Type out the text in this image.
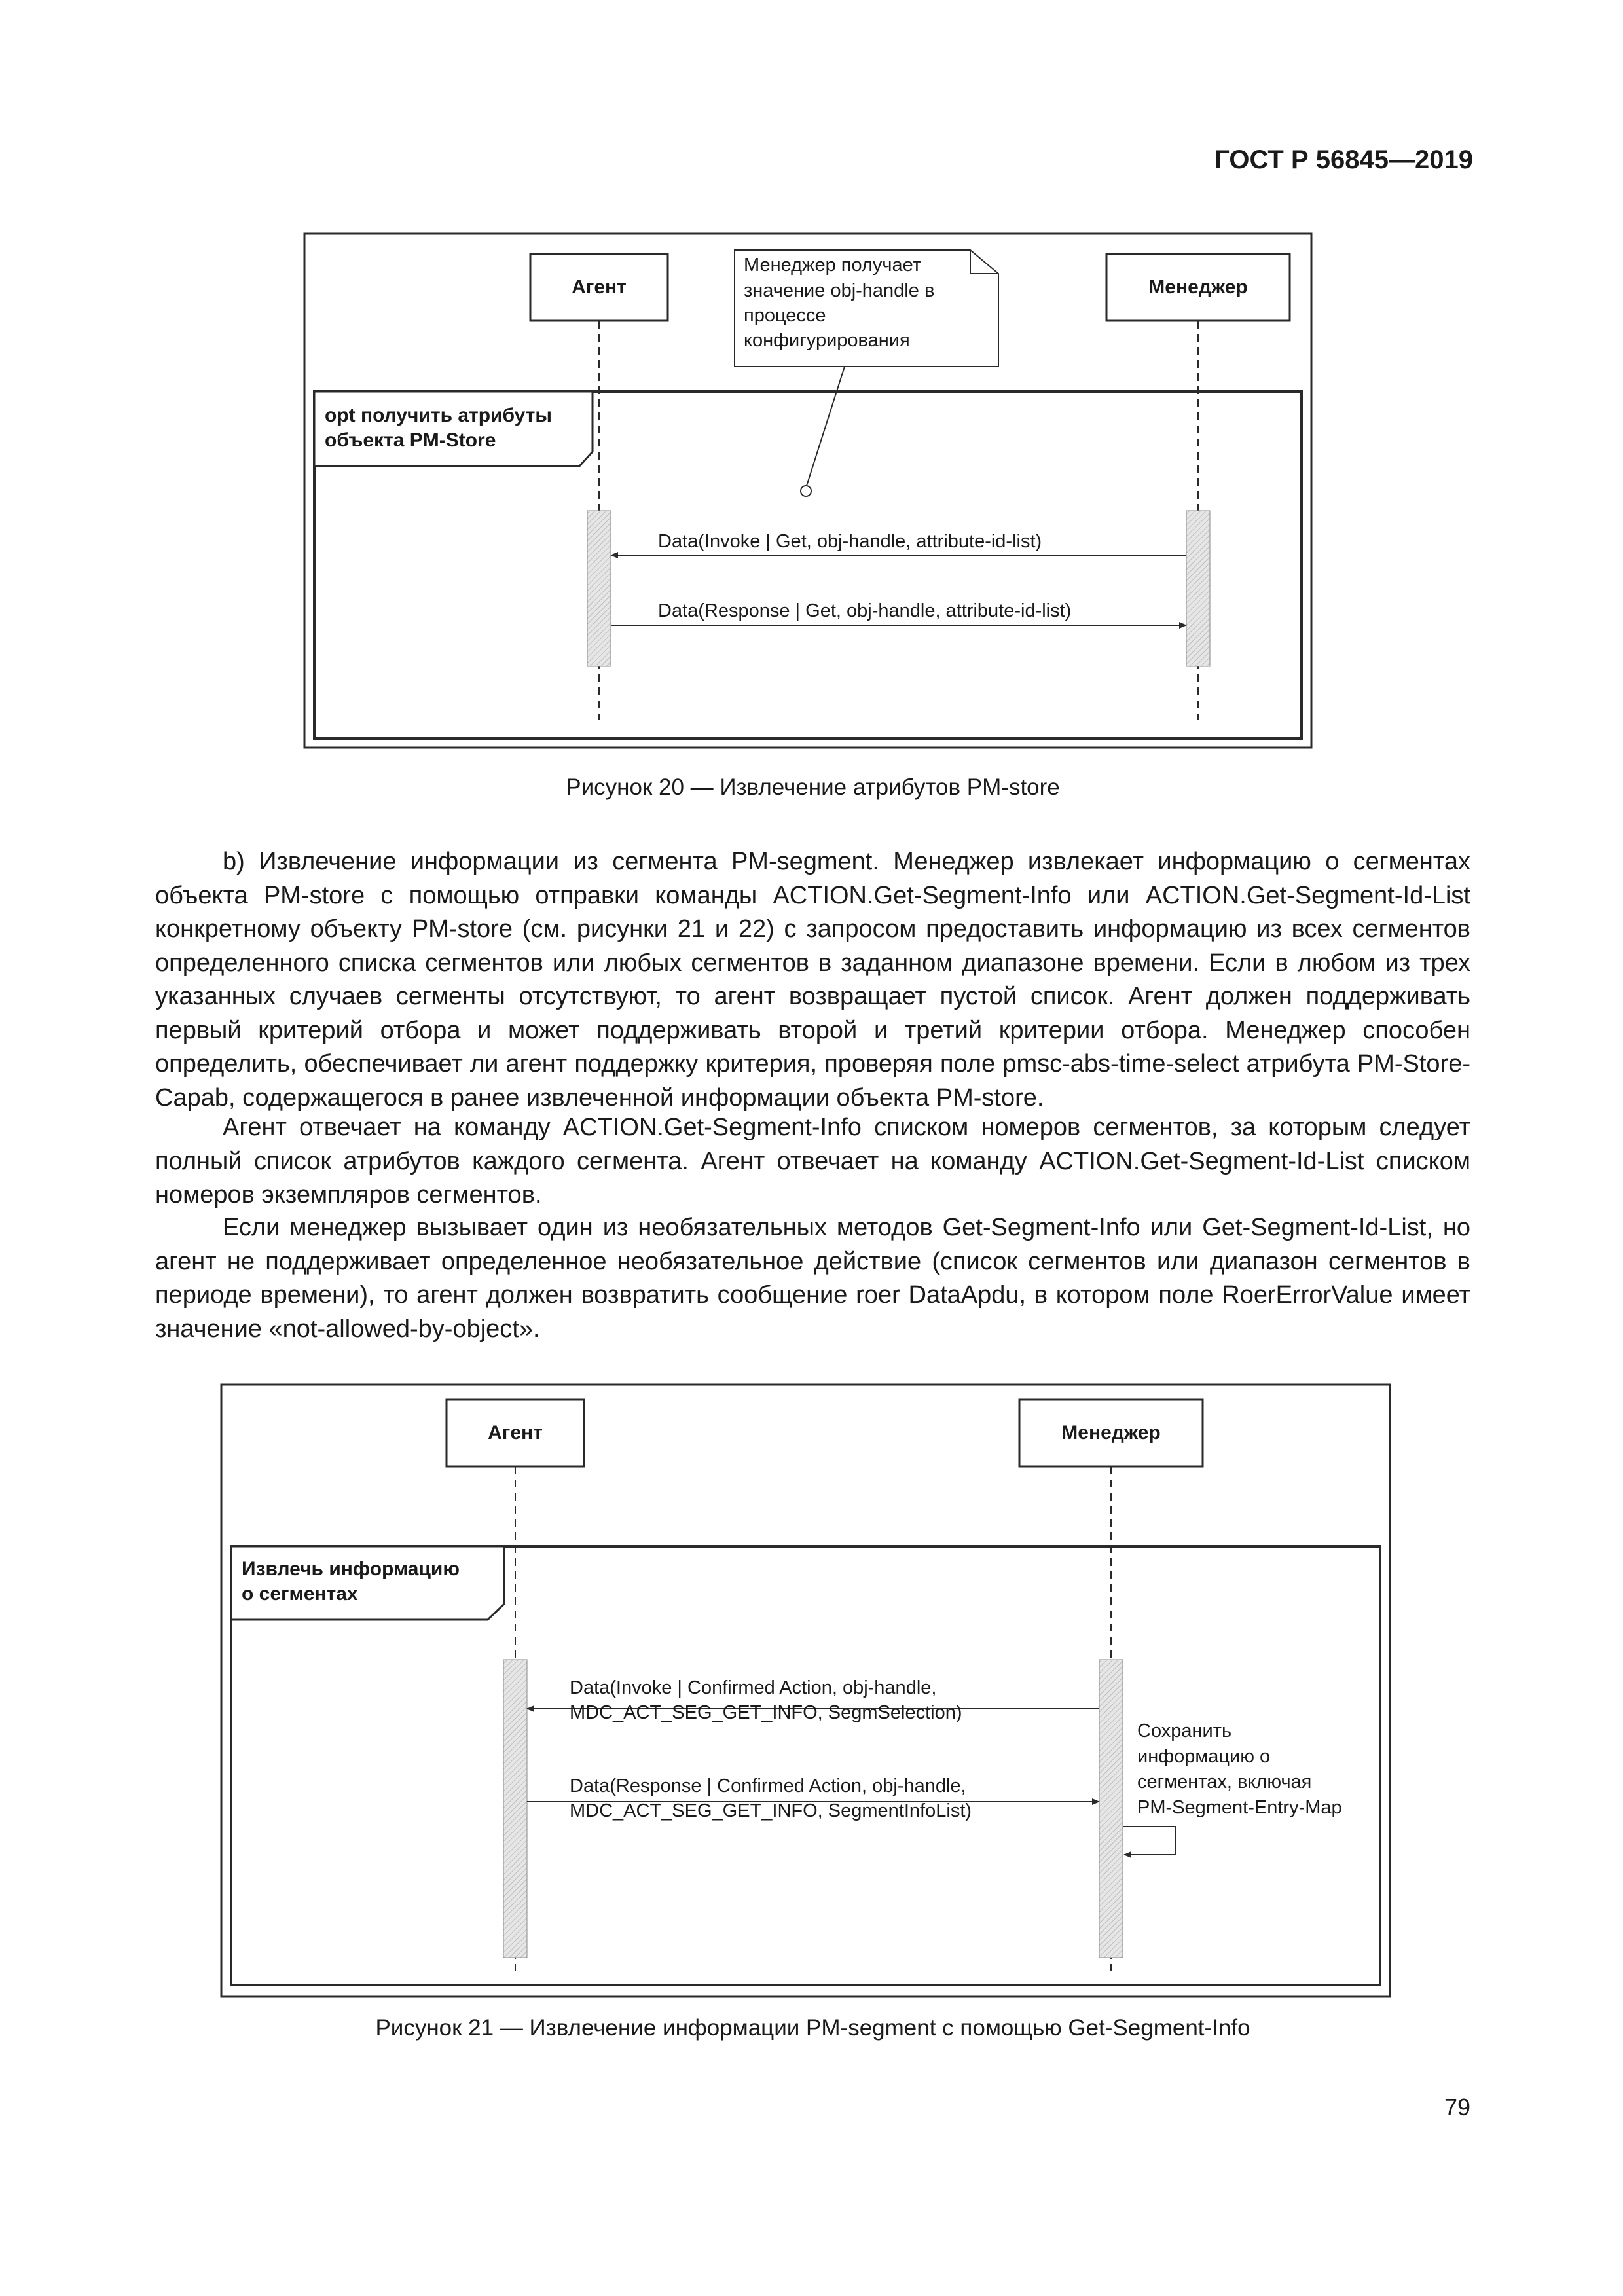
ГОСТ Р 56845—2019
Агент	Менеджер
Менеджер получает
значение obj-handle в
процессе
конфигурирования
opt получить атрибуты
объекта PM-Store
Data(Invoke | Get, obj-handle, attribute-id-list)
Data(Response | Get, obj-handle, attribute-id-list)
Рисунок 20 — Извлечение атрибутов PM-store

b) Извлечение информации из сегмента PM-segment. Менеджер извлекает информацию о сегментах объекта PM-store с помощью отправки команды ACTION.Get-Segment-Info или ACTION.Get-Segment-Id-List конкретному объекту PM-store (см. рисунки 21 и 22) с запросом предоставить информацию из всех сегментов определенного списка сегментов или любых сегментов в заданном диапазоне времени. Если в любом из трех указанных случаев сегменты отсутствуют, то агент возвращает пустой список. Агент должен поддерживать первый критерий отбора и может поддерживать второй и третий критерии отбора. Менеджер способен определить, обеспечивает ли агент поддержку критерия, проверяя поле pmsc-abs-time-select атрибута PM-Store-Capab, содержащегося в ранее извлеченной информации объекта PM-store.

Агент отвечает на команду ACTION.Get-Segment-Info списком номеров сегментов, за которым следует полный список атрибутов каждого сегмента. Агент отвечает на команду ACTION.Get-Segment-Id-List списком номеров экземпляров сегментов.

Если менеджер вызывает один из необязательных методов Get-Segment-Info или Get-Segment-Id-List, но агент не поддерживает определенное необязательное действие (список сегментов или диапазон сегментов в периоде времени), то агент должен возвратить сообщение roer DataApdu, в котором поле RoerErrorValue имеет значение «not-allowed-by-object».

Агент	Менеджер
Извлечь информацию
о сегментах
Data(Invoke | Confirmed Action, obj-handle,
MDC_ACT_SEG_GET_INFO, SegmSelection)
Data(Response | Confirmed Action, obj-handle,
MDC_ACT_SEG_GET_INFO, SegmentInfoList)
Сохранить
информацию о
сегментах, включая
PM-Segment-Entry-Map
Рисунок 21 — Извлечение информации PM-segment с помощью Get-Segment-Info
79
